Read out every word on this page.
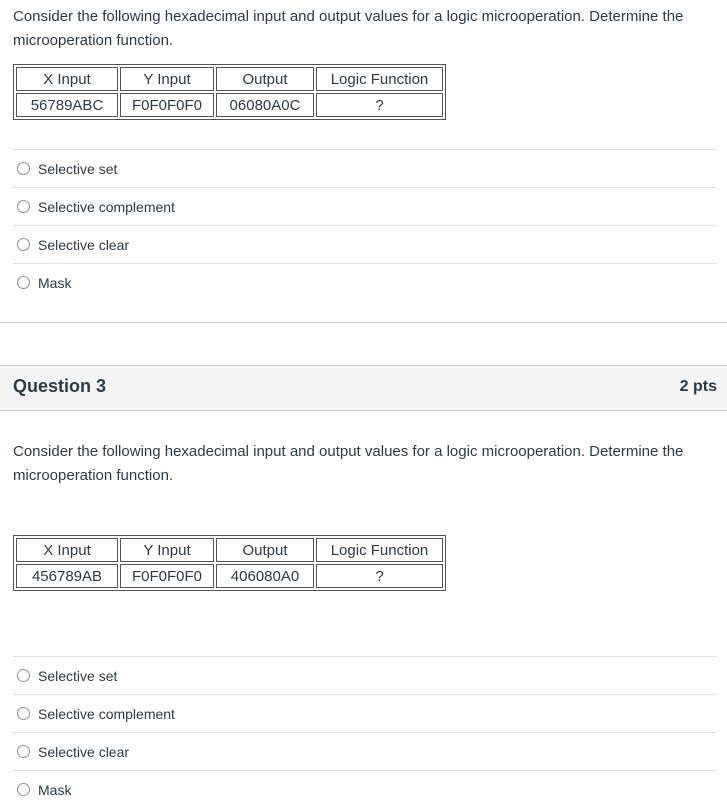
Consider the following hexadecimal input and output values for a logic microoperation. Determine the microoperation function.

X Input	Y Input	Output	Logic Function
56789ABC	F0F0F0F0	06080A0C	?
Selective set
Selective complement
Selective clear
Mask
Question 3	2 pts

Consider the following hexadecimal input and output values for a logic microoperation. Determine the microoperation function.

X Input	Y Input	Output	Logic Function
456789AB	F0F0F0F0	406080A0	?
Selective set
Selective complement
Selective clear
Mask
